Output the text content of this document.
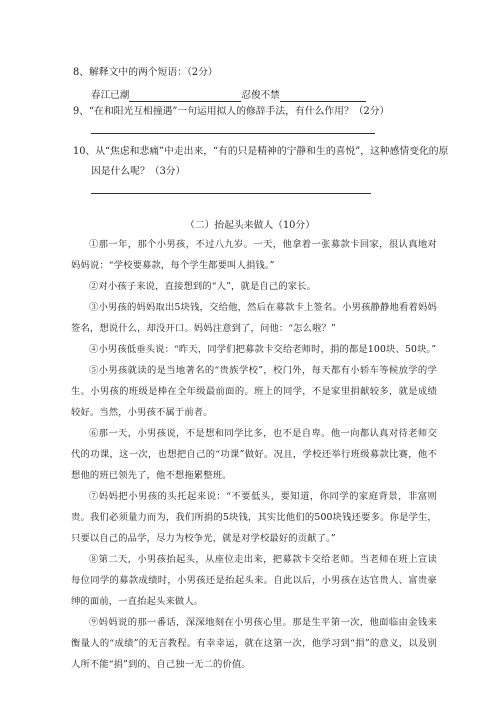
8、解释文中的两个短语：（2分）
春江已潮	忍俊不禁
9、“在和阳光互相撞遇”一句运用拟人的修辞手法，有什么作用？（2分）
10、从“焦虑和悲痛”中走出来，“有的只是精神的宁静和生的喜悦”，这种感情变化的原
因是什么呢？（3分）
（二）抬起头来做人（10分）
①那一年，那个小男孩，不过八九岁。一天，他拿着一张募款卡回家，很认真地对妈妈说：“学校要募款，每个学生都要叫人捐钱。”
②对小孩子来说，直接想到的“人”，就是自己的家长。
③小男孩的妈妈取出5块钱，交给他，然后在募款卡上签名。小男孩静静地看着妈妈签名，想说什么，却没开口。妈妈注意到了，问他：“怎么啦？”
④小男孩低垂头说：“昨天，同学们把募款卡交给老师时，捐的都是100块、50块。”
⑤小男孩就读的是当地著名的“贵族学校”，校门外，每天都有小轿车等候放学的学生。小男孩的班级是棒在全年级最前面的。班上的同学，不是家里捐献较多，就是成绩较好。当然，小男孩不属于前者。
⑥那一天，小男孩说，不是想和同学比多，也不是自卑。他一向都认真对待老师交代的功课，这一次，也想把自己的“功课”做好。况且，学校还举行班级募款比赛，他不想他的班已领先了，他不想拖累整班。
⑦妈妈把小男孩的头托起来说：“不要低头，要知道，你同学的家庭背景，非富则贵。我们必须量力而为，我们所捐的5块钱，其实比他们的500块钱还要多。你是学生，只要以自己的品学，尽力为校争光，就是对学校最好的贡献了。”
⑧第二天，小男孩抬起头，从座位走出来，把募款卡交给老师。当老师在班上宣读每位同学的募款成绩时，小男孩还是抬起头来。自此以后，小男孩在达官贵人、富贵豪绅的面前，一直抬起头来做人。
⑨妈妈说的那一番话，深深地刻在小男孩心里。那是生平第一次，他面临由金钱来衡量人的“成绩”的无言教程。有幸幸运，就在这第一次，他学习到“捐”的意义，以及别人所不能“捐”到的、自己独一无二的价值。
